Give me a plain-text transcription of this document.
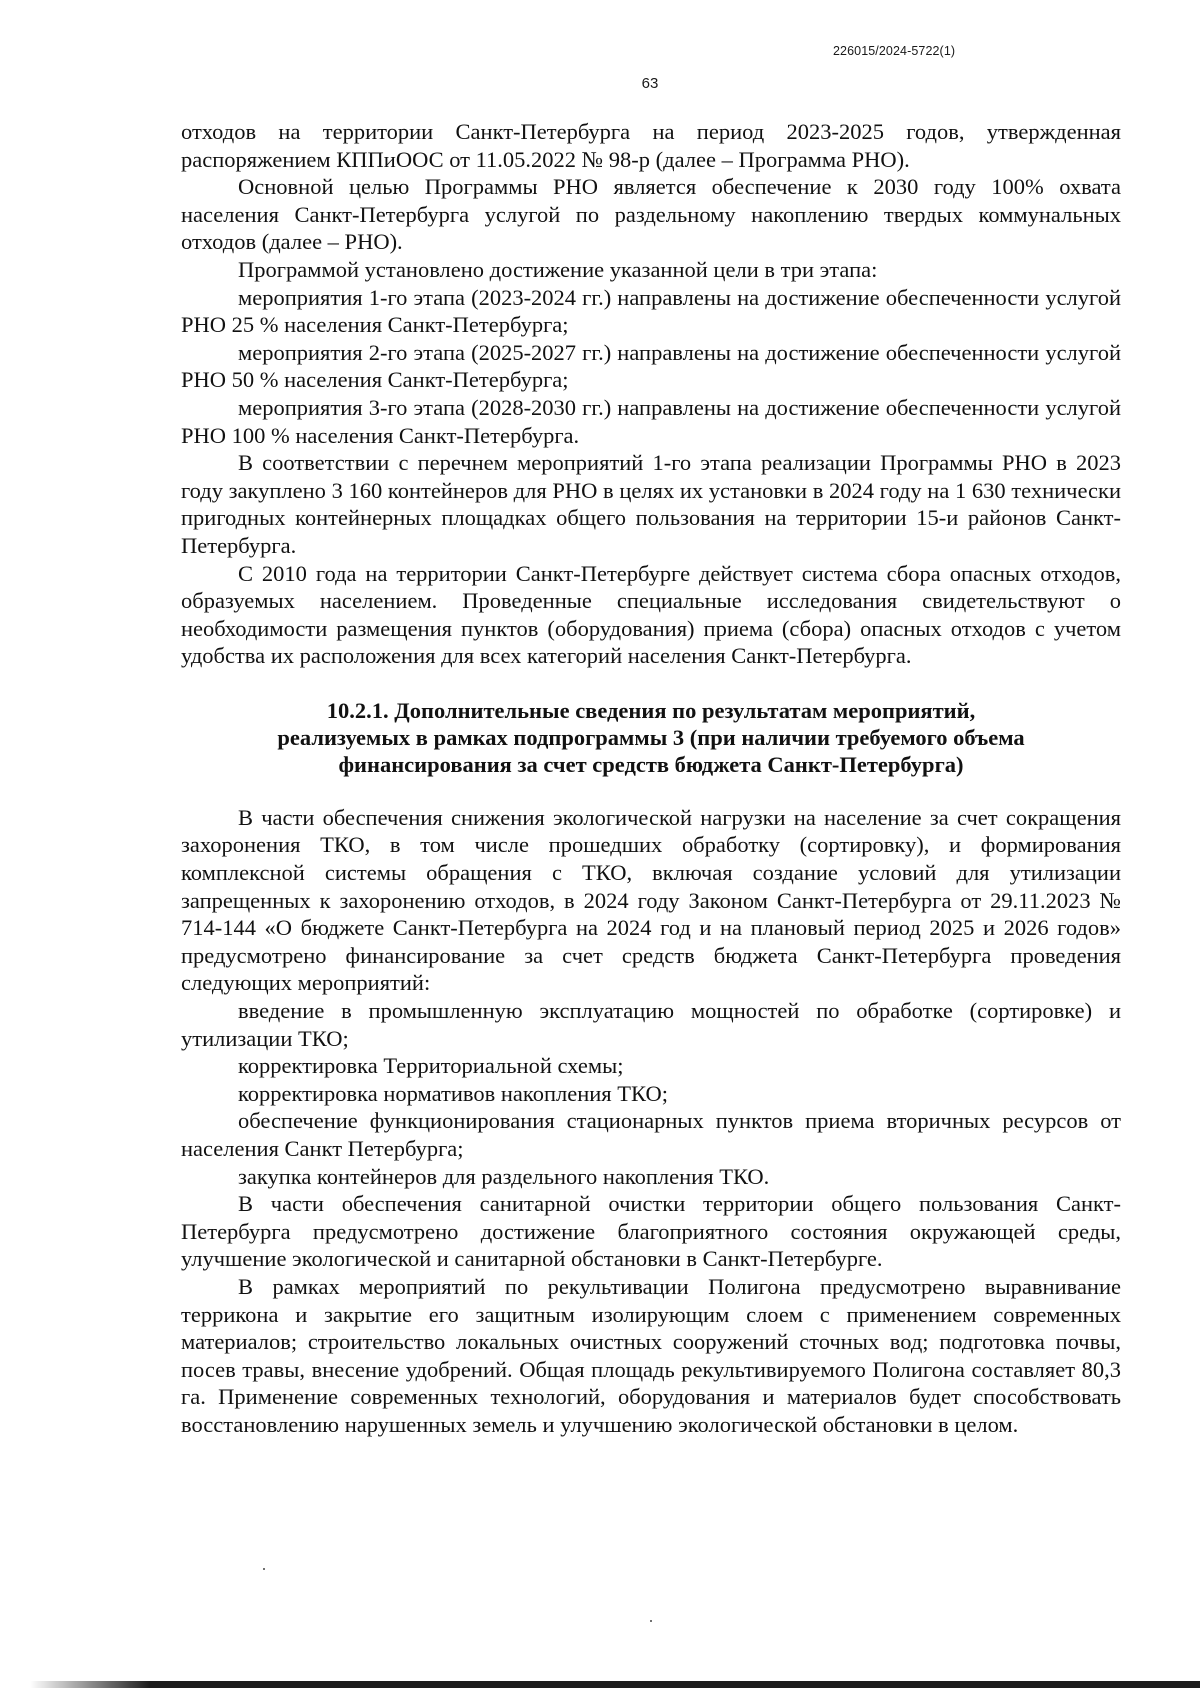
226015/2024-5722(1)
63

отходов на территории Санкт-Петербурга на период 2023-2025 годов, утвержденная распоряжением КППиООС от 11.05.2022 № 98-р (далее – Программа РНО).

Основной целью Программы РНО является обеспечение к 2030 году 100% охвата населения Санкт-Петербурга услугой по раздельному накоплению твердых коммунальных отходов (далее – РНО).

Программой установлено достижение указанной цели в три этапа:

мероприятия 1-го этапа (2023-2024 гг.) направлены на достижение обеспеченности услугой РНО 25 % населения Санкт-Петербурга;

мероприятия 2-го этапа (2025-2027 гг.) направлены на достижение обеспеченности услугой РНО 50 % населения Санкт-Петербурга;

мероприятия 3-го этапа (2028-2030 гг.) направлены на достижение обеспеченности услугой РНО 100 % населения Санкт-Петербурга.

В соответствии с перечнем мероприятий 1-го этапа реализации Программы РНО в 2023 году закуплено 3 160 контейнеров для РНО в целях их установки в 2024 году на 1 630 технически пригодных контейнерных площадках общего пользования на территории 15-и районов Санкт-Петербурга.

С 2010 года на территории Санкт-Петербурге действует система сбора опасных отходов, образуемых населением. Проведенные специальные исследования свидетельствуют о необходимости размещения пунктов (оборудования) приема (сбора) опасных отходов с учетом удобства их расположения для всех категорий населения Санкт-Петербурга.

10.2.1. Дополнительные сведения по результатам мероприятий,
реализуемых в рамках подпрограммы 3 (при наличии требуемого объема
финансирования за счет средств бюджета Санкт-Петербурга)

В части обеспечения снижения экологической нагрузки на население за счет сокращения захоронения ТКО, в том числе прошедших обработку (сортировку), и формирования комплексной системы обращения с ТКО, включая создание условий для утилизации запрещенных к захоронению отходов, в 2024 году Законом Санкт-Петербурга от 29.11.2023 № 714-144 «О бюджете Санкт-Петербурга на 2024 год и на плановый период 2025 и 2026 годов» предусмотрено финансирование за счет средств бюджета Санкт-Петербурга проведения следующих мероприятий:

введение в промышленную эксплуатацию мощностей по обработке (сортировке) и утилизации ТКО;

корректировка Территориальной схемы;

корректировка нормативов накопления ТКО;

обеспечение функционирования стационарных пунктов приема вторичных ресурсов от населения Санкт Петербурга;

закупка контейнеров для раздельного накопления ТКО.

В части обеспечения санитарной очистки территории общего пользования Санкт-Петербурга предусмотрено достижение благоприятного состояния окружающей среды, улучшение экологической и санитарной обстановки в Санкт-Петербурге.

В рамках мероприятий по рекультивации Полигона предусмотрено выравнивание терриконa и закрытие его защитным изолирующим слоем с применением современных материалов; строительство локальных очистных сооружений сточных вод; подготовка почвы, посев травы, внесение удобрений. Общая площадь рекультивируемого Полигона составляет 80,3 га. Применение современных технологий, оборудования и материалов будет способствовать восстановлению нарушенных земель и улучшению экологической обстановки в целом.
